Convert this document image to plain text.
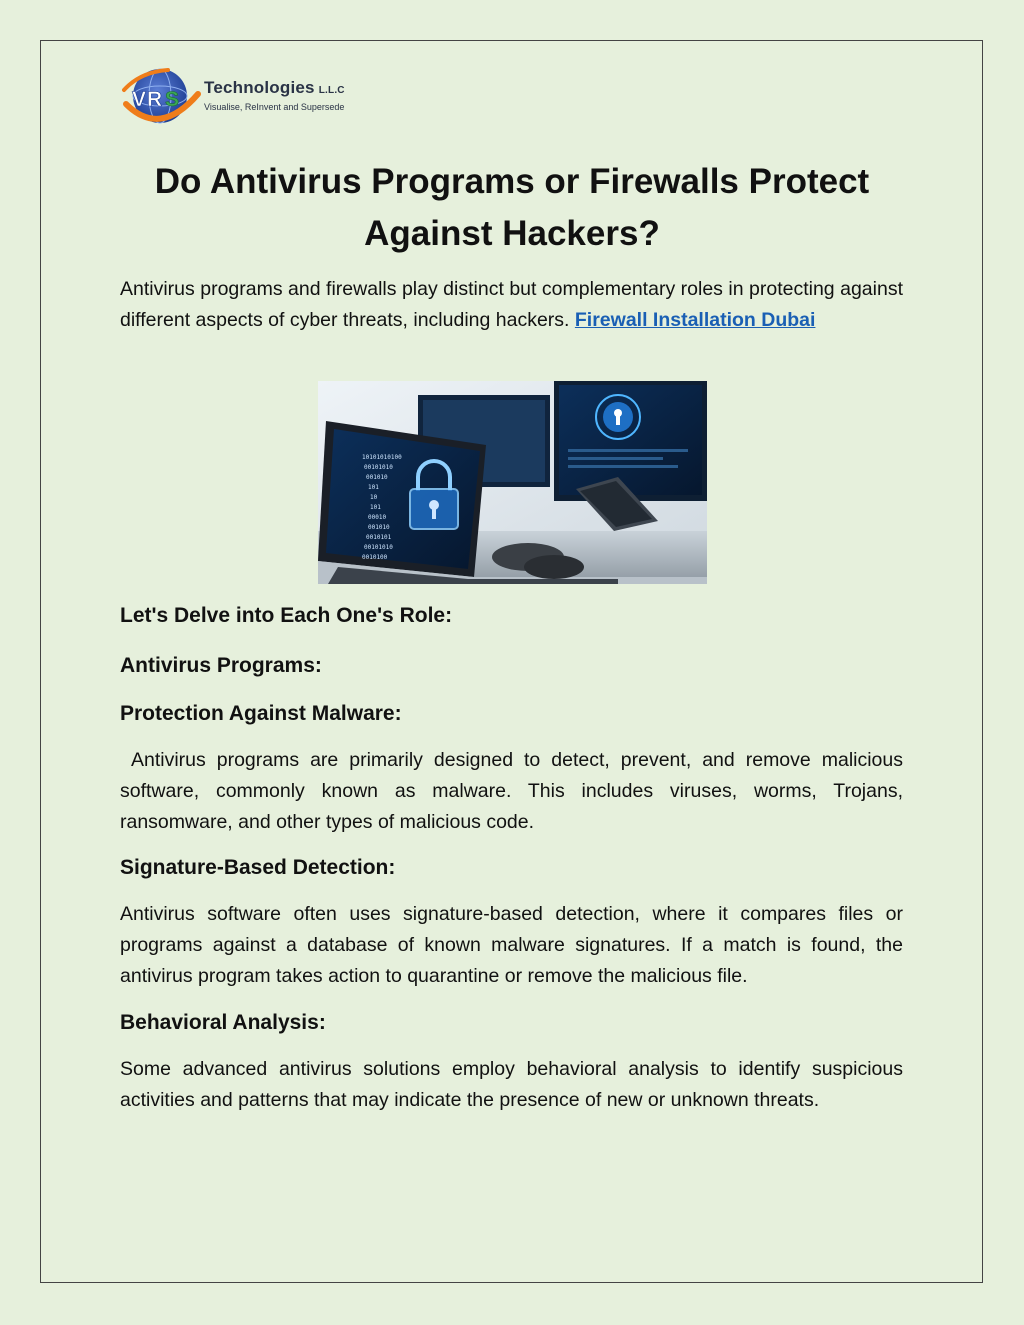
V R S
Technologies L.L.C
Visualise, ReInvent and Supersede
Do Antivirus Programs or Firewalls Protect Against Hackers?

Antivirus programs and firewalls play distinct but complementary roles in protecting against different aspects of cyber threats, including hackers. Firewall Installation Dubai

10101010100
00101010
001010
101
10
101
00010
001010
0010101
00101010
0010100
Let's Delve into Each One's Role:
Antivirus Programs:
Protection Against Malware:

Antivirus programs are primarily designed to detect, prevent, and remove malicious software, commonly known as malware. This includes viruses, worms, Trojans, ransomware, and other types of malicious code.

Signature-Based Detection:

Antivirus software often uses signature-based detection, where it compares files or programs against a database of known malware signatures. If a match is found, the antivirus program takes action to quarantine or remove the malicious file.

Behavioral Analysis:

Some advanced antivirus solutions employ behavioral analysis to identify suspicious activities and patterns that may indicate the presence of new or unknown threats.
